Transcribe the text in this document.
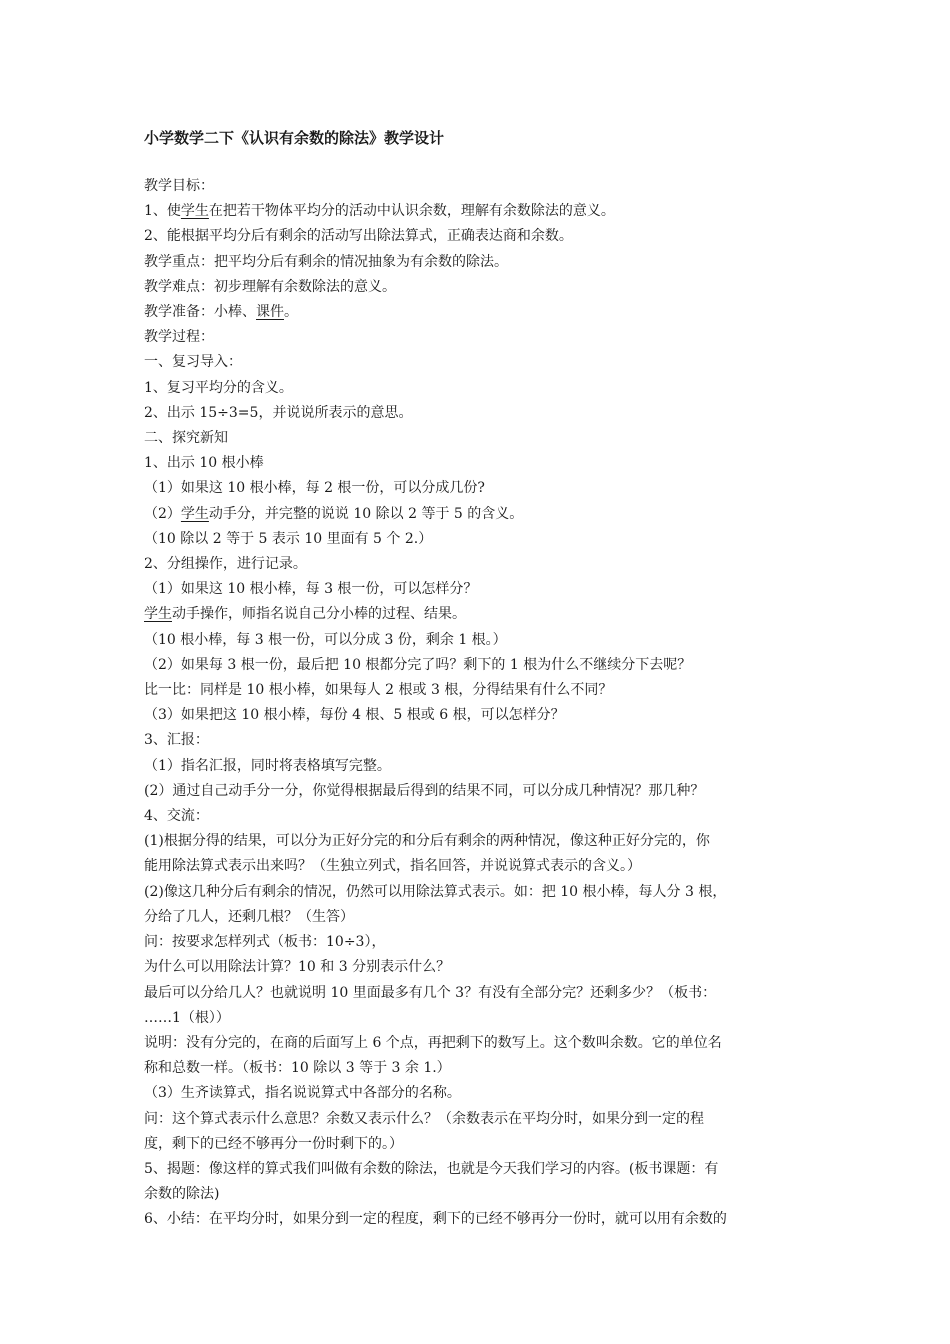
小学数学二下《认识有余数的除法》教学设计

教学目标：

1、使学生在把若干物体平均分的活动中认识余数，理解有余数除法的意义。

2、能根据平均分后有剩余的活动写出除法算式，正确表达商和余数。

教学重点：把平均分后有剩余的情况抽象为有余数的除法。

教学难点：初步理解有余数除法的意义。

教学准备：小棒、课件。

教学过程：

一、复习导入：

1、复习平均分的含义。

2、出示 15÷3=5，并说说所表示的意思。

二、探究新知

1、出示 10 根小棒

（1）如果这 10 根小棒，每 2 根一份，可以分成几份?

（2）学生动手分，并完整的说说 10 除以 2 等于 5 的含义。

（10 除以 2 等于 5 表示 10 里面有 5 个 2.）

2、分组操作，进行记录。

（1）如果这 10 根小棒，每 3 根一份，可以怎样分？

学生动手操作，师指名说自己分小棒的过程、结果。

（10 根小棒，每 3 根一份，可以分成 3 份，剩余 1 根。）

（2）如果每 3 根一份，最后把 10 根都分完了吗？剩下的 1 根为什么不继续分下去呢？

比一比：同样是 10 根小棒，如果每人 2 根或 3 根，分得结果有什么不同？

（3）如果把这 10 根小棒，每份 4 根、5 根或 6 根，可以怎样分？

3、汇报：

（1）指名汇报，同时将表格填写完整。

(2）通过自己动手分一分，你觉得根据最后得到的结果不同，可以分成几种情况？那几种？

4、交流：

(1)根据分得的结果，可以分为正好分完的和分后有剩余的两种情况，像这种正好分完的，你

能用除法算式表示出来吗？（生独立列式，指名回答，并说说算式表示的含义。）

(2)像这几种分后有剩余的情况，仍然可以用除法算式表示。如：把 10 根小棒，每人分 3 根，

分给了几人，还剩几根？（生答）

问：按要求怎样列式（板书：10÷3），

为什么可以用除法计算？10 和 3 分别表示什么？

最后可以分给几人？也就说明 10 里面最多有几个 3？有没有全部分完？还剩多少？（板书：

……1（根））

说明：没有分完的，在商的后面写上 6 个点，再把剩下的数写上。这个数叫余数。它的单位名

称和总数一样。（板书：10 除以 3 等于 3 余 1.）

（3）生齐读算式，指名说说算式中各部分的名称。

问：这个算式表示什么意思？余数又表示什么？（余数表示在平均分时，如果分到一定的程

度，剩下的已经不够再分一份时剩下的。）

5、揭题：像这样的算式我们叫做有余数的除法，也就是今天我们学习的内容。(板书课题：有

余数的除法)

6、小结：在平均分时，如果分到一定的程度，剩下的已经不够再分一份时，就可以用有余数的
